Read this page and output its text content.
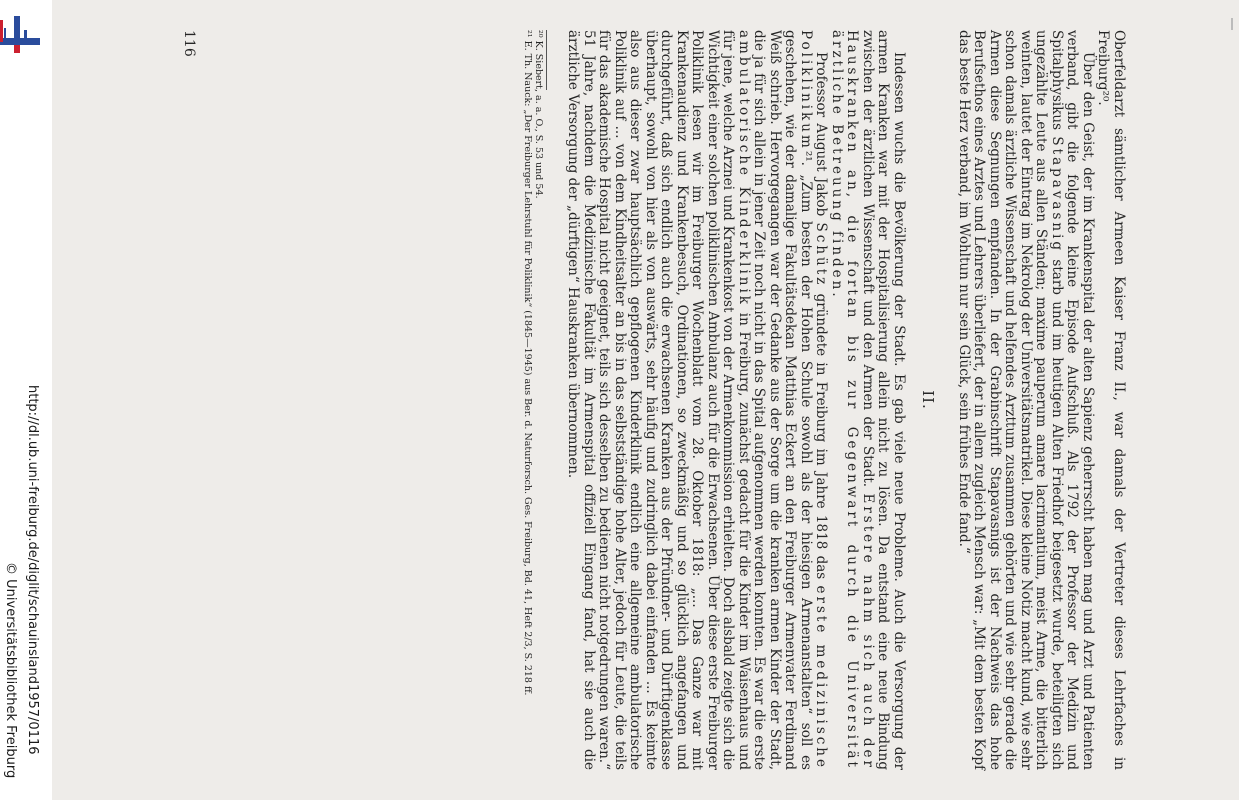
http://dl.ub.uni-freiburg.de/diglit/schauinsland1957/0116
© Universitätsbibliothek Freiburg	Oberfeldarzt sämtlicher Armeen Kaiser Franz II., war damals der Vertreter dieses Lehrfaches in Freiburg²⁰.

Über den Geist, der im Krankenspital der alten Sapienz geherrscht haben mag und Arzt und Patienten verband, gibt die folgende kleine Episode Aufschluß. Als 1792 der Professor der Medizin und Spitalphysikus Stapavasnig starb und im heutigen Alten Friedhof beigesetzt wurde, beteiligten sich ungezählte Leute aus allen Ständen; maxime pauperum amare lacrimantium, meist Arme, die bitterlich weinten, lautet der Eintrag im Nekrolog der Universitätsmatrikel. Diese kleine Notiz macht kund, wie sehr schon damals ärztliche Wissenschaft und helfendes Arzttum zusammen gehörten und wie sehr gerade die Armen diese Segnungen empfanden. In der Grabinschrift Stapavasnigs ist der Nachweis das hohe Berufsethos eines Arztes und Lehrers überliefert, der in allem zugleich Mensch war: „Mit dem besten Kopf das beste Herz verband, im Wohltun nur sein Glück, sein frühes Ende fand.“

II.

Indessen wuchs die Bevölkerung der Stadt. Es gab viele neue Probleme. Auch die Versorgung der armen Kranken war mit der Hospitalisierung allein nicht zu lösen. Da entstand eine neue Bindung zwischen der ärztlichen Wissenschaft und den Armen der Stadt. Erstere nahm sich auch der Hauskranken an, die fortan bis zur Gegenwart durch die Universität ärztliche Betreuung finden.

Professor August Jakob Schütz gründete in Freiburg im Jahre 1818 das erste medizinische Poliklinikum²¹. „Zum besten der Hohen Schule sowohl als der hiesigen Armenanstalten“ soll es geschehen, wie der damalige Fakultätsdekan Matthias Eckert an den Freiburger Armenvater Ferdinand Weiß schrieb. Hervorgegangen war der Gedanke aus der Sorge um die kranken armen Kinder der Stadt, die ja für sich allein in jener Zeit noch nicht in das Spital aufgenommen werden konnten. Es war die erste ambulatorische Kinderklinik in Freiburg, zunächst gedacht für die Kinder im Waisenhaus und für jene, welche Arznei und Krankenkost von der Armenkommission erhielten. Doch alsbald zeigte sich die Wichtigkeit einer solchen poliklinischen Ambulanz auch für die Erwachsenen. Über diese erste Freiburger Poliklinik lesen wir im Freiburger Wochenblatt vom 28. Oktober 1818: „... Das Ganze war mit Krankenaudienz und Krankenbesuch, Ordinationen, so zweckmäßig und so glücklich angefangen und durchgeführt, daß sich endlich auch die erwachsenen Kranken aus der Pfründner- und Dürftigenklasse überhaupt, sowohl von hier als von auswärts, sehr häufig und zudringlich dabei einfanden ... Es keimte also aus dieser zwar hauptsächlich gepflogenen Kinderklinik endlich eine allgemeine ambulatorische Poliklinik auf ... von dem Kindheitsalter an bis in das selbstständige hohe Alter, jedoch für Leute, die teils für das akademische Hospital nicht geeignet, teils sich desselben zu bedienen nicht notgedrungen waren.“ 51 Jahre, nachdem die Medizinische Fakultät im Armenspital offiziell Eingang fand, hat sie auch die ärztliche Versorgung der „dürftigen“ Hauskranken übernommen.

²⁰ K. Siebert, a. a. O., S. 53 und 54.

²¹ E. Th. Nauck: „Der Freiburger Lehrstuhl für Poliklinik“ (1845—1945) aus Ber. d. Naturforsch. Ges. Freiburg, Bd. 41, Heft 2/3, S. 218 ff.

116
